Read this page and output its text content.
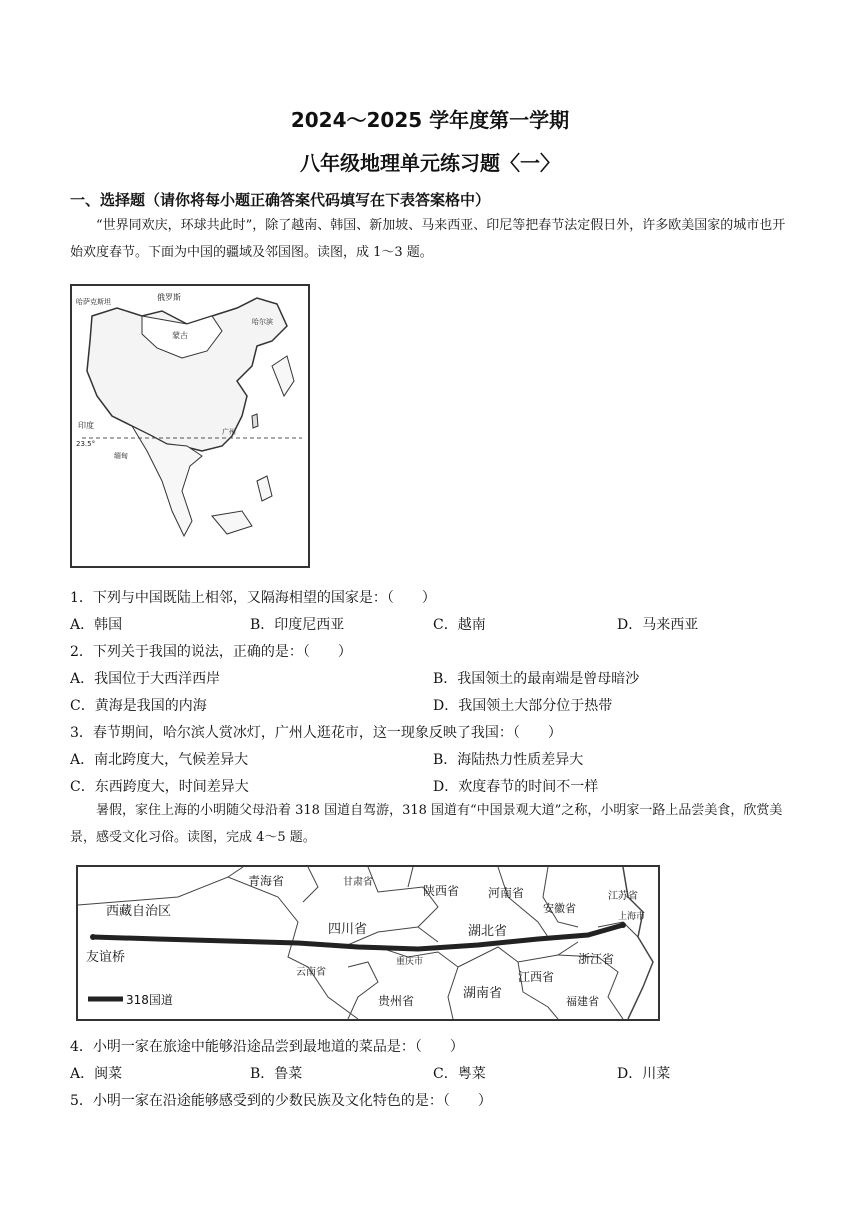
2024～2025 学年度第一学期
八年级地理单元练习题〈一〉
一、选择题（请你将每小题正确答案代码填写在下表答案格中）
“世界同欢庆，环球共此时”，除了越南、韩国、新加坡、马来西亚、印尼等把春节法定假日外，许多欧美国家的城市也开始欢度春节。下面为中国的疆域及邻国图。读图，成 1～3 题。
哈萨克斯坦	俄罗斯
蒙古
哈尔滨
印度
23.5°
缅甸
广州
1．下列与中国既陆上相邻，又隔海相望的国家是：（　　）
A．韩国	B．印度尼西亚	C．越南	D．马来西亚
2．下列关于我国的说法，正确的是：（　　）
A．我国位于大西洋西岸	B．我国领土的最南端是曾母暗沙
C．黄海是我国的内海	D．我国领土大部分位于热带
3．春节期间，哈尔滨人赏冰灯，广州人逛花市，这一现象反映了我国：（　　）
A．南北跨度大，气候差异大	B．海陆热力性质差异大
C．东西跨度大，时间差异大	D．欢度春节的时间不一样
暑假，家住上海的小明随父母沿着 318 国道自驾游，318 国道有“中国景观大道”之称，小明家一路上品尝美食，欣赏美景，感受文化习俗。读图，完成 4～5 题。
青海省	甘肃省
陕西省 河南省	江苏省
安徽省
西藏自治区
四川省	湖北省
上海市
友谊桥	重庆市
江西省
浙江省
云南省
贵州省	湖南省
福建省
318国道
4．小明一家在旅途中能够沿途品尝到最地道的菜品是：（　　）
A．闽菜	B．鲁菜	C．粤菜	D．川菜
5．小明一家在沿途能够感受到的少数民族及文化特色的是：（　　）
